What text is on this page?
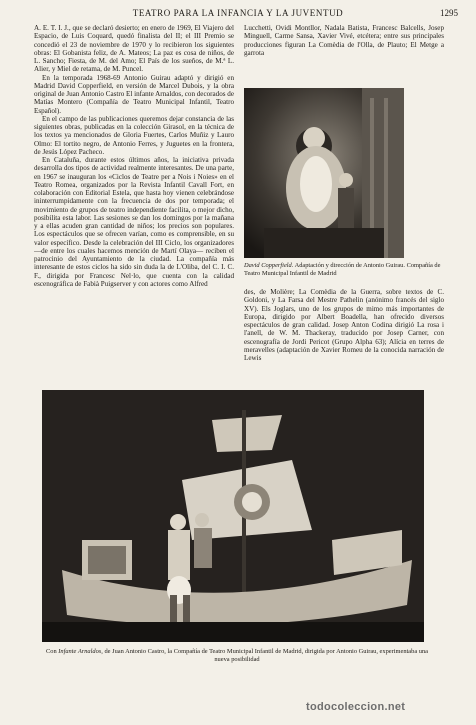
TEATRO PARA LA INFANCIA Y LA JUVENTUD	1295

A. E. T. I. J., que se declaró desierto; en enero de 1969, El Viajero del Espacio, de Luis Coquard, quedó finalista del II; el III Premio se concedió el 23 de noviembre de 1970 y lo recibieron los siguientes obras: El Gobanista feliz, de A. Mateos; La paz es cosa de niños, de L. Sancho; Fiesta, de M. del Amo; El País de los sueños, de M.ª L. Alier, y Miel de retama, de M. Puncel.

En la temporada 1968-69 Antonio Guirau adaptó y dirigió en Madrid David Copperfield, en versión de Marcel Dubois, y la obra original de Juan Antonio Castro El infante Arnaldos, con decorados de Matías Montero (Compañía de Teatro Municipal Infantil, Teatro Español).

En el campo de las publicaciones queremos dejar constancia de las siguientes obras, publicadas en la colección Girasol, en la técnica de los textos ya mencionados de Gloria Fuertes, Carlos Muñiz y Lauro Olmo: El tortito negro, de Antonio Ferres, y Juguetes en la frontera, de Jesús López Pacheco.

En Cataluña, durante estos últimos años, la iniciativa privada desarrolla dos tipos de actividad realmente interesantes. De una parte, en 1967 se inauguran los «Ciclos de Teatre per a Nois i Noies» en el Teatro Romea, organizados por la Revista Infantil Cavall Fort, en colaboración con Editorial Estela, que hasta hoy vienen celebrándose ininterrumpidamente con la frecuencia de dos por temporada; el movimiento de grupos de teatro independiente facilita, o mejor dicho, posibilita esta labor. Las sesiones se dan los domingos por la mañana y a ellas acuden gran cantidad de niños; los precios son populares. Los espectáculos que se ofrecen varían, como es comprensible, en su valor específico. Desde la celebración del III Ciclo, los organizadores —de entre los cuales hacemos mención de Martí Olaya— reciben el patrocinio del Ayuntamiento de la ciudad. La compañía más interesante de estos ciclos ha sido sin duda la de L'Oliba, del C. I. C. F., dirigida por Francesc Nel·lo, que cuenta con la calidad escenográfica de Fabià Puigserver y con actores como Alfred

Lucchetti, Ovidi Montllor, Nadala Batista, Francesc Balcells, Josep Minguell, Carme Sansa, Xavier Vivé, etcétera; entre sus principales producciones figuran La Comèdia de l'Olla, de Plauto; El Metge a garrota

David Copperfield. Adaptación y dirección de Antonio Guirau. Compañía de Teatro Municipal Infantil de Madrid

des, de Molière; La Comèdia de la Guerra, sobre textos de C. Goldoni, y La Farsa del Mestre Pathelin (anónimo francés del siglo XV). Els Joglars, uno de los grupos de mimo más importantes de Europa, dirigido por Albert Boadella, han ofrecido diversos espectáculos de gran calidad. Josep Anton Codina dirigió La rosa i l'anell, de W. M. Thackeray, traducido por Josep Carner, con escenografía de Jordi Pericot (Grupo Alpha 63); Alícia en terres de meravelles (adaptación de Xavier Romeu de la conocida narración de Lewis

Con Infante Arnaldos, de Juan Antonio Castro, la Compañía de Teatro Municipal Infantil de Madrid, dirigida por Antonio Guirau, experimentaba una nueva posibilidad
todocoleccion.net
